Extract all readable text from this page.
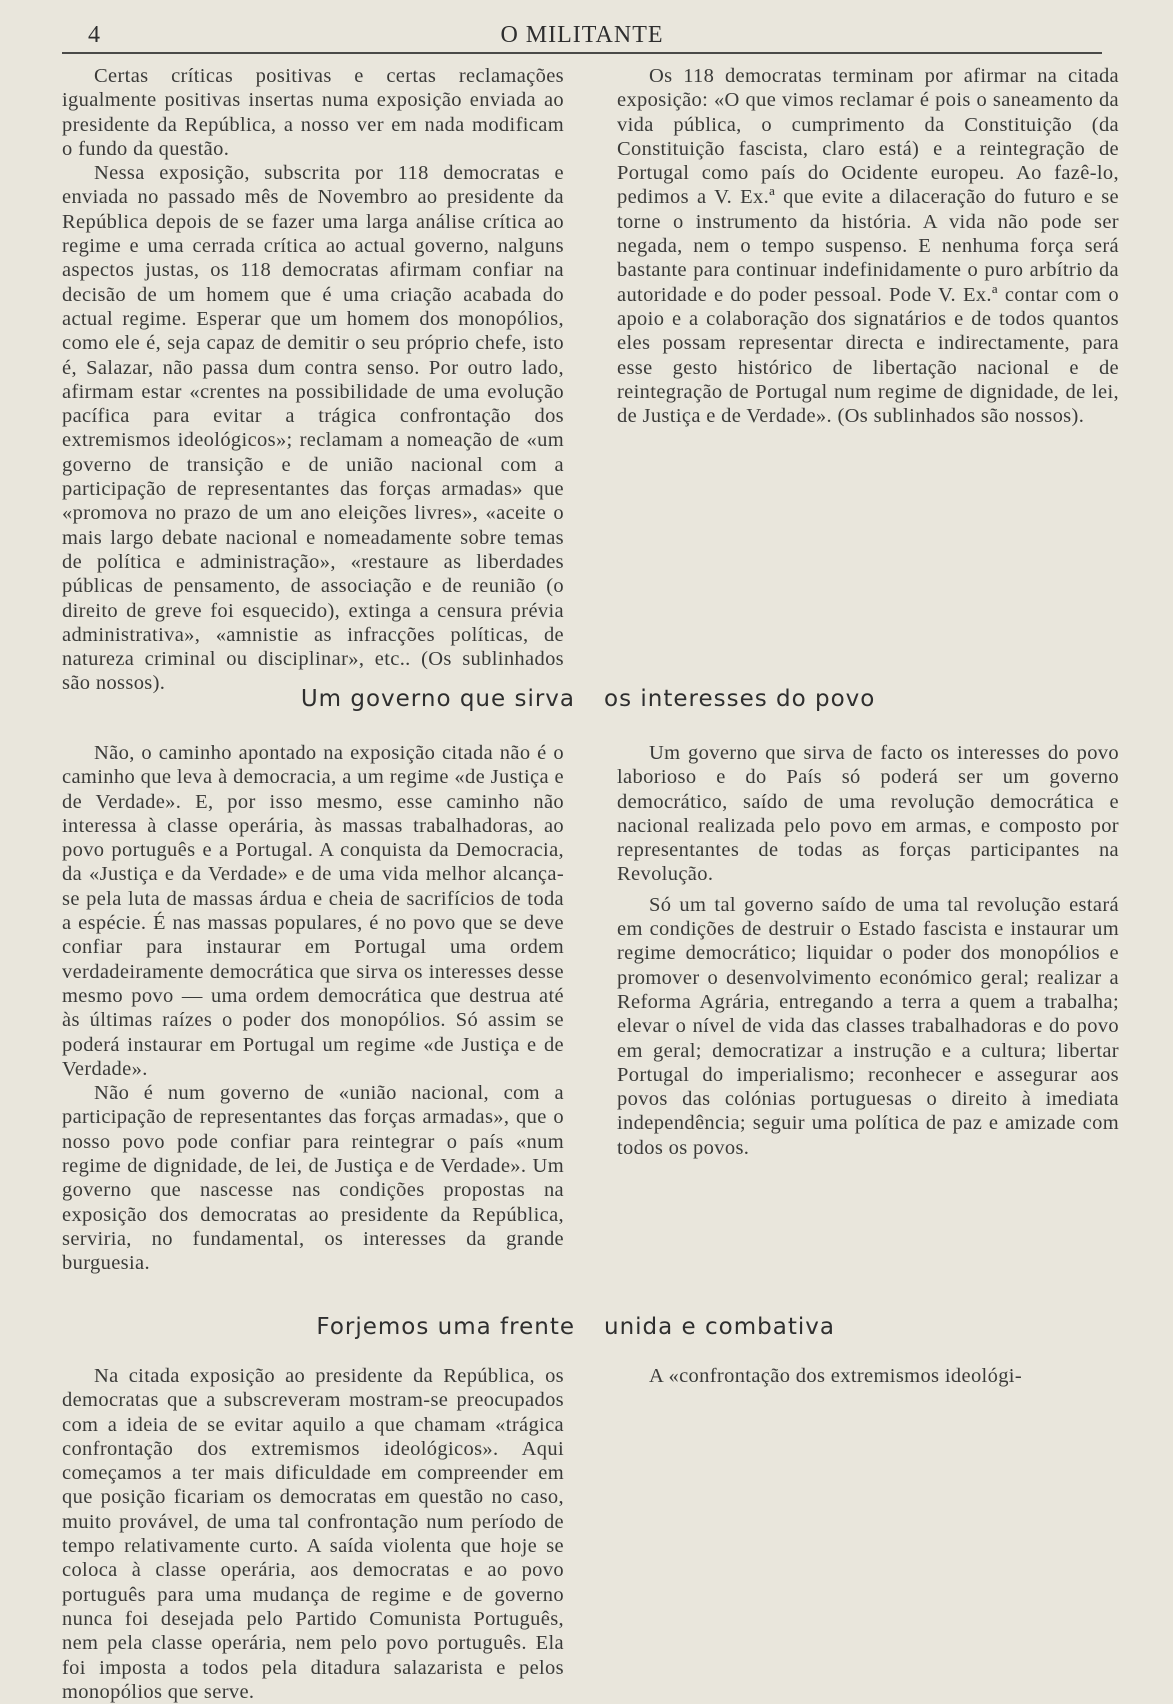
4	O MILITANTE

Certas críticas positivas e certas reclamações igualmente positivas insertas numa exposição enviada ao presidente da República, a nosso ver em nada modificam o fundo da questão.

Nessa exposição, subscrita por 118 democratas e enviada no passado mês de Novembro ao presidente da República depois de se fazer uma larga análise crítica ao regime e uma cerrada crítica ao actual governo, nalguns aspectos justas, os 118 democratas afirmam confiar na decisão de um homem que é uma criação acabada do actual regime. Esperar que um homem dos monopólios, como ele é, seja capaz de demitir o seu próprio chefe, isto é, Salazar, não passa dum contra senso. Por outro lado, afirmam estar «crentes na possibilidade de uma evolução pacífica para evitar a trágica confrontação dos extremismos ideológicos»; reclamam a nomeação de «um governo de transição e de união nacional com a participação de representantes das forças armadas» que «promova no prazo de um ano eleições livres», «aceite o mais largo debate nacional e nomeadamente sobre temas de política e administração», «restaure as liberdades públicas de pensamento, de associação e de reunião (o direito de greve foi esquecido), extinga a censura prévia administrativa», «amnistie as infracções políticas, de natureza criminal ou disciplinar», etc.. (Os sublinhados são nossos).

Os 118 democratas terminam por afirmar na citada exposição: «O que vimos reclamar é pois o saneamento da vida pública, o cumprimento da Constituição (da Constituição fascista, claro está) e a reintegração de Portugal como país do Ocidente europeu. Ao fazê-lo, pedimos a V. Ex.ª que evite a dilaceração do futuro e se torne o instrumento da história. A vida não pode ser negada, nem o tempo suspenso. E nenhuma força será bastante para continuar indefinidamente o puro arbítrio da autoridade e do poder pessoal. Pode V. Ex.ª contar com o apoio e a colaboração dos signatários e de todos quantos eles possam representar directa e indirectamente, para esse gesto histórico de libertação nacional e de reintegração de Portugal num regime de dignidade, de lei, de Justiça e de Verdade». (Os sublinhados são nossos).

Um governo que sirva os interesses do povo

Não, o caminho apontado na exposição citada não é o caminho que leva à democracia, a um regime «de Justiça e de Verdade». E, por isso mesmo, esse caminho não interessa à classe operária, às massas trabalhadoras, ao povo português e a Portugal. A conquista da Democracia, da «Justiça e da Verdade» e de uma vida melhor alcança-se pela luta de massas árdua e cheia de sacrifícios de toda a espécie. É nas massas populares, é no povo que se deve confiar para instaurar em Portugal uma ordem verdadeiramente democrática que sirva os interesses desse mesmo povo — uma ordem democrática que destrua até às últimas raízes o poder dos monopólios. Só assim se poderá instaurar em Portugal um regime «de Justiça e de Verdade».

Não é num governo de «união nacional, com a participação de representantes das forças armadas», que o nosso povo pode confiar para reintegrar o país «num regime de dignidade, de lei, de Justiça e de Verdade». Um governo que nascesse nas condições propostas na exposição dos democratas ao presidente da República, serviria, no fundamental, os interesses da grande burguesia.

Um governo que sirva de facto os interesses do povo laborioso e do País só poderá ser um governo democrático, saído de uma revolução democrática e nacional realizada pelo povo em armas, e composto por representantes de todas as forças participantes na Revolução.

Só um tal governo saído de uma tal revolução estará em condições de destruir o Estado fascista e instaurar um regime democrático; liquidar o poder dos monopólios e promover o desenvolvimento económico geral; realizar a Reforma Agrária, entregando a terra a quem a trabalha; elevar o nível de vida das classes trabalhadoras e do povo em geral; democratizar a instrução e a cultura; libertar Portugal do imperialismo; reconhecer e assegurar aos povos das colónias portuguesas o direito à imediata independência; seguir uma política de paz e amizade com todos os povos.

Forjemos uma frente unida e combativa

Na citada exposição ao presidente da República, os democratas que a subscreveram mostram-se preocupados com a ideia de se evitar aquilo a que chamam «trágica confrontação dos extremismos ideológicos». Aqui começamos a ter mais dificuldade em compreender em que posição ficariam os democratas em questão no caso, muito provável, de uma tal confrontação num período de tempo relativamente curto. A saída violenta que hoje se coloca à classe operária, aos democratas e ao povo português para uma mudança de regime e de governo nunca foi desejada pelo Partido Comunista Português, nem pela classe operária, nem pelo povo português. Ela foi imposta a todos pela ditadura salazarista e pelos monopólios que serve.

A «confrontação dos extremismos ideológi-
